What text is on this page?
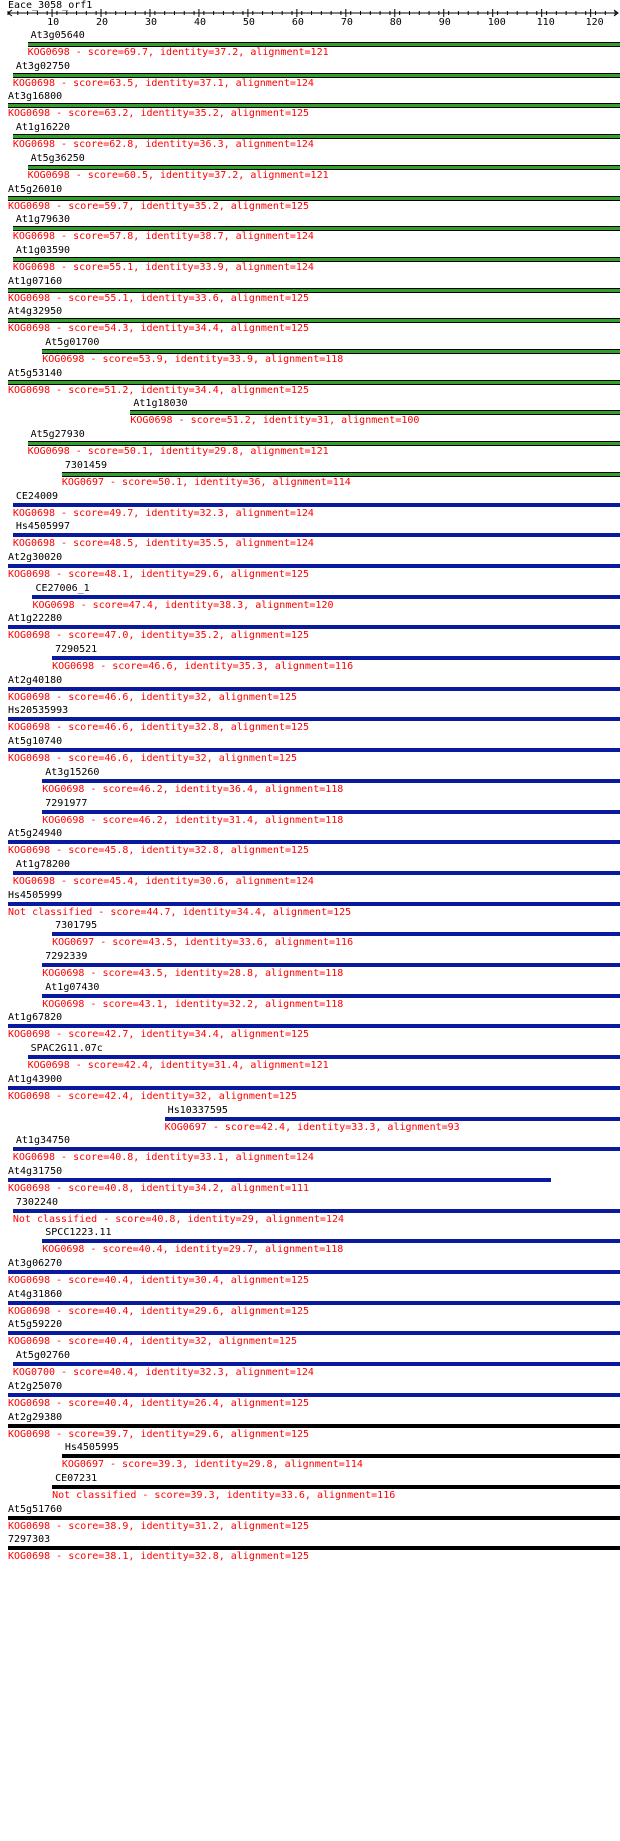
Eace_3058_orf1
10	20	30	40	50	60	70	80	90	100	110	120
At3g05640
KOG0698 - score=69.7, identity=37.2, alignment=121
At3g02750
KOG0698 - score=63.5, identity=37.1, alignment=124
At3g16800
KOG0698 - score=63.2, identity=35.2, alignment=125
At1g16220
KOG0698 - score=62.8, identity=36.3, alignment=124
At5g36250
KOG0698 - score=60.5, identity=37.2, alignment=121
At5g26010
KOG0698 - score=59.7, identity=35.2, alignment=125
At1g79630
KOG0698 - score=57.8, identity=38.7, alignment=124
At1g03590
KOG0698 - score=55.1, identity=33.9, alignment=124
At1g07160
KOG0698 - score=55.1, identity=33.6, alignment=125
At4g32950
KOG0698 - score=54.3, identity=34.4, alignment=125
At5g01700
KOG0698 - score=53.9, identity=33.9, alignment=118
At5g53140
KOG0698 - score=51.2, identity=34.4, alignment=125
At1g18030
KOG0698 - score=51.2, identity=31, alignment=100
At5g27930
KOG0698 - score=50.1, identity=29.8, alignment=121
7301459
KOG0697 - score=50.1, identity=36, alignment=114
CE24009
KOG0698 - score=49.7, identity=32.3, alignment=124
Hs4505997
KOG0698 - score=48.5, identity=35.5, alignment=124
At2g30020
KOG0698 - score=48.1, identity=29.6, alignment=125
CE27006_1
KOG0698 - score=47.4, identity=38.3, alignment=120
At1g22280
KOG0698 - score=47.0, identity=35.2, alignment=125
7290521
KOG0698 - score=46.6, identity=35.3, alignment=116
At2g40180
KOG0698 - score=46.6, identity=32, alignment=125
Hs20535993
KOG0698 - score=46.6, identity=32.8, alignment=125
At5g10740
KOG0698 - score=46.6, identity=32, alignment=125
At3g15260
KOG0698 - score=46.2, identity=36.4, alignment=118
7291977
KOG0698 - score=46.2, identity=31.4, alignment=118
At5g24940
KOG0698 - score=45.8, identity=32.8, alignment=125
At1g78200
KOG0698 - score=45.4, identity=30.6, alignment=124
Hs4505999
Not classified - score=44.7, identity=34.4, alignment=125
7301795
KOG0697 - score=43.5, identity=33.6, alignment=116
7292339
KOG0698 - score=43.5, identity=28.8, alignment=118
At1g07430
KOG0698 - score=43.1, identity=32.2, alignment=118
At1g67820
KOG0698 - score=42.7, identity=34.4, alignment=125
SPAC2G11.07c
KOG0698 - score=42.4, identity=31.4, alignment=121
At1g43900
KOG0698 - score=42.4, identity=32, alignment=125
Hs10337595
KOG0697 - score=42.4, identity=33.3, alignment=93
At1g34750
KOG0698 - score=40.8, identity=33.1, alignment=124
At4g31750
KOG0698 - score=40.8, identity=34.2, alignment=111
7302240
Not classified - score=40.8, identity=29, alignment=124
SPCC1223.11
KOG0698 - score=40.4, identity=29.7, alignment=118
At3g06270
KOG0698 - score=40.4, identity=30.4, alignment=125
At4g31860
KOG0698 - score=40.4, identity=29.6, alignment=125
At5g59220
KOG0698 - score=40.4, identity=32, alignment=125
At5g02760
KOG0700 - score=40.4, identity=32.3, alignment=124
At2g25070
KOG0698 - score=40.4, identity=26.4, alignment=125
At2g29380
KOG0698 - score=39.7, identity=29.6, alignment=125
Hs4505995
KOG0697 - score=39.3, identity=29.8, alignment=114
CE07231
Not classified - score=39.3, identity=33.6, alignment=116
At5g51760
KOG0698 - score=38.9, identity=31.2, alignment=125
7297303
KOG0698 - score=38.1, identity=32.8, alignment=125
